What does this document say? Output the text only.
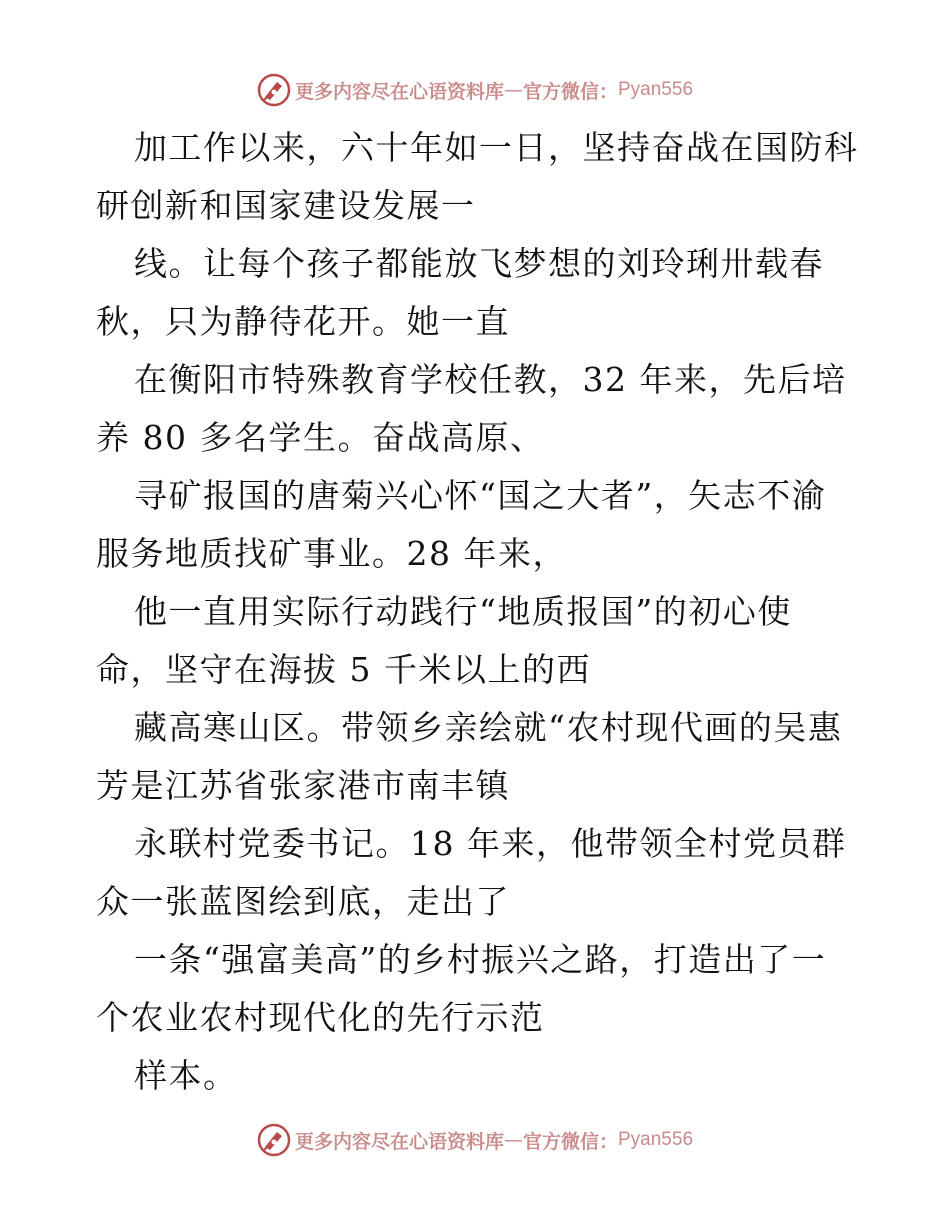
更多内容尽在心语资料库 — 官方微信： Pyan556
加工作以来，六十年如一日，坚持奋战在国防科
研创新和国家建设发展一
线。让每个孩子都能放飞梦想的刘玲琍卅载春
秋，只为静待花开。她一直
在衡阳市特殊教育学校任教，32 年来，先后培
养 80 多名学生。奋战高原、
寻矿报国的唐菊兴心怀“国之大者”，矢志不渝
服务地质找矿事业。28 年来，
他一直用实际行动践行“地质报国”的初心使
命，坚守在海拔 5 千米以上的西
藏高寒山区。带领乡亲绘就“农村现代画的吴惠
芳是江苏省张家港市南丰镇
永联村党委书记。18 年来，他带领全村党员群
众一张蓝图绘到底，走出了
一条“强富美高”的乡村振兴之路，打造出了一
个农业农村现代化的先行示范
样本。
更多内容尽在心语资料库 — 官方微信： Pyan556
